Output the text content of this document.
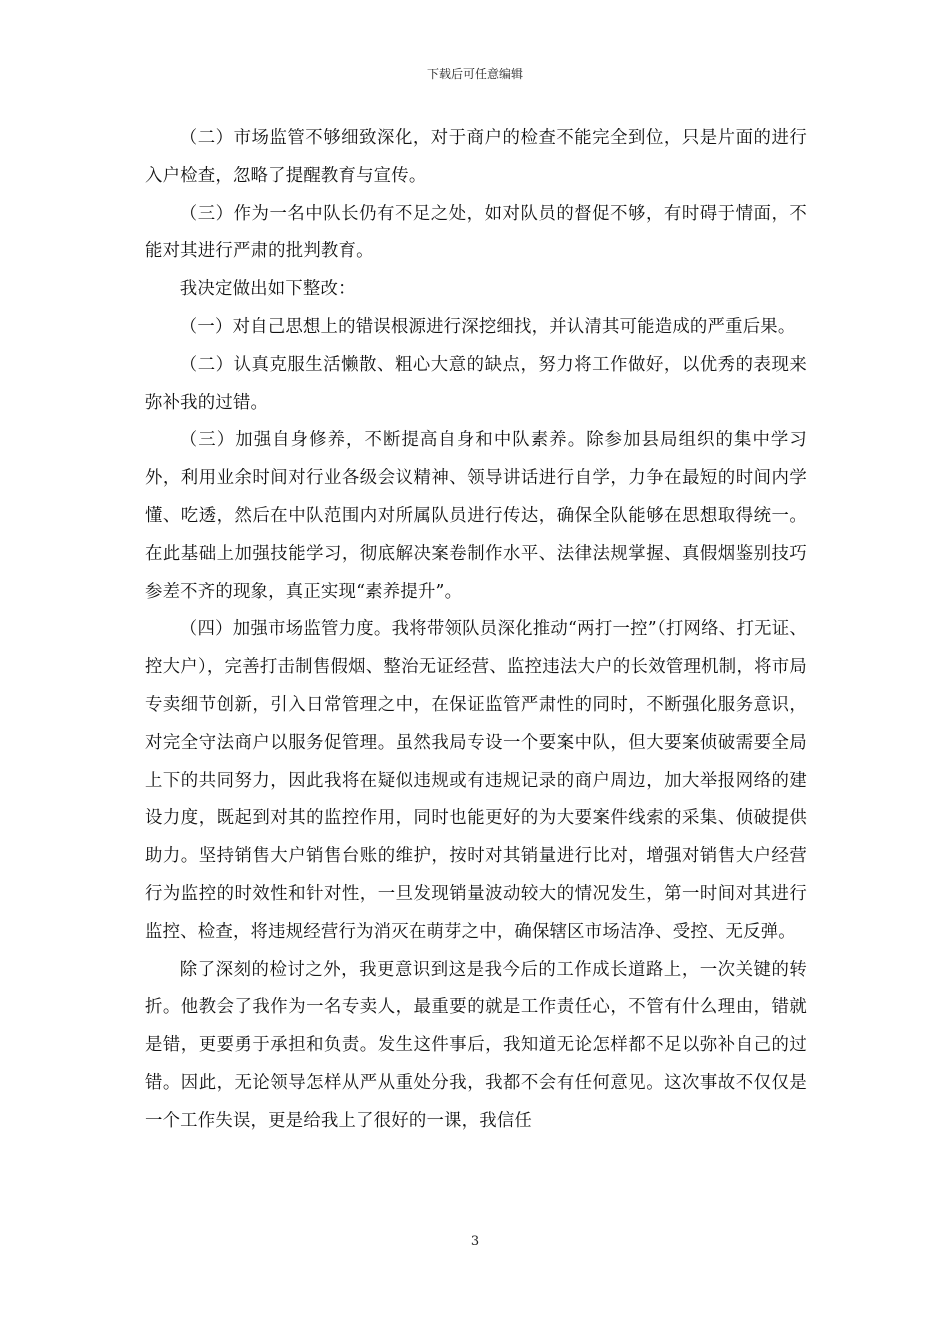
下载后可任意编辑

（二）市场监管不够细致深化，对于商户的检查不能完全到位，只是片面的进行入户检查，忽略了提醒教育与宣传。

（三）作为一名中队长仍有不足之处，如对队员的督促不够，有时碍于情面，不能对其进行严肃的批判教育。

我决定做出如下整改：

（一）对自己思想上的错误根源进行深挖细找，并认清其可能造成的严重后果。

（二）认真克服生活懒散、粗心大意的缺点，努力将工作做好，以优秀的表现来弥补我的过错。

（三）加强自身修养，不断提高自身和中队素养。除参加县局组织的集中学习外，利用业余时间对行业各级会议精神、领导讲话进行自学，力争在最短的时间内学懂、吃透，然后在中队范围内对所属队员进行传达，确保全队能够在思想取得统一。在此基础上加强技能学习，彻底解决案卷制作水平、法律法规掌握、真假烟鉴别技巧参差不齐的现象，真正实现“素养提升”。

（四）加强市场监管力度。我将带领队员深化推动“两打一控”（打网络、打无证、控大户），完善打击制售假烟、整治无证经营、监控违法大户的长效管理机制，将市局专卖细节创新，引入日常管理之中，在保证监管严肃性的同时，不断强化服务意识，对完全守法商户以服务促管理。虽然我局专设一个要案中队，但大要案侦破需要全局上下的共同努力，因此我将在疑似违规或有违规记录的商户周边，加大举报网络的建设力度，既起到对其的监控作用，同时也能更好的为大要案件线索的采集、侦破提供助力。坚持销售大户销售台账的维护，按时对其销量进行比对，增强对销售大户经营行为监控的时效性和针对性，一旦发现销量波动较大的情况发生，第一时间对其进行监控、检查，将违规经营行为消灭在萌芽之中，确保辖区市场洁净、受控、无反弹。

除了深刻的检讨之外，我更意识到这是我今后的工作成长道路上，一次关键的转折。他教会了我作为一名专卖人，最重要的就是工作责任心，不管有什么理由，错就是错，更要勇于承担和负责。发生这件事后，我知道无论怎样都不足以弥补自己的过错。因此，无论领导怎样从严从重处分我，我都不会有任何意见。这次事故不仅仅是一个工作失误，更是给我上了很好的一课，我信任

3
